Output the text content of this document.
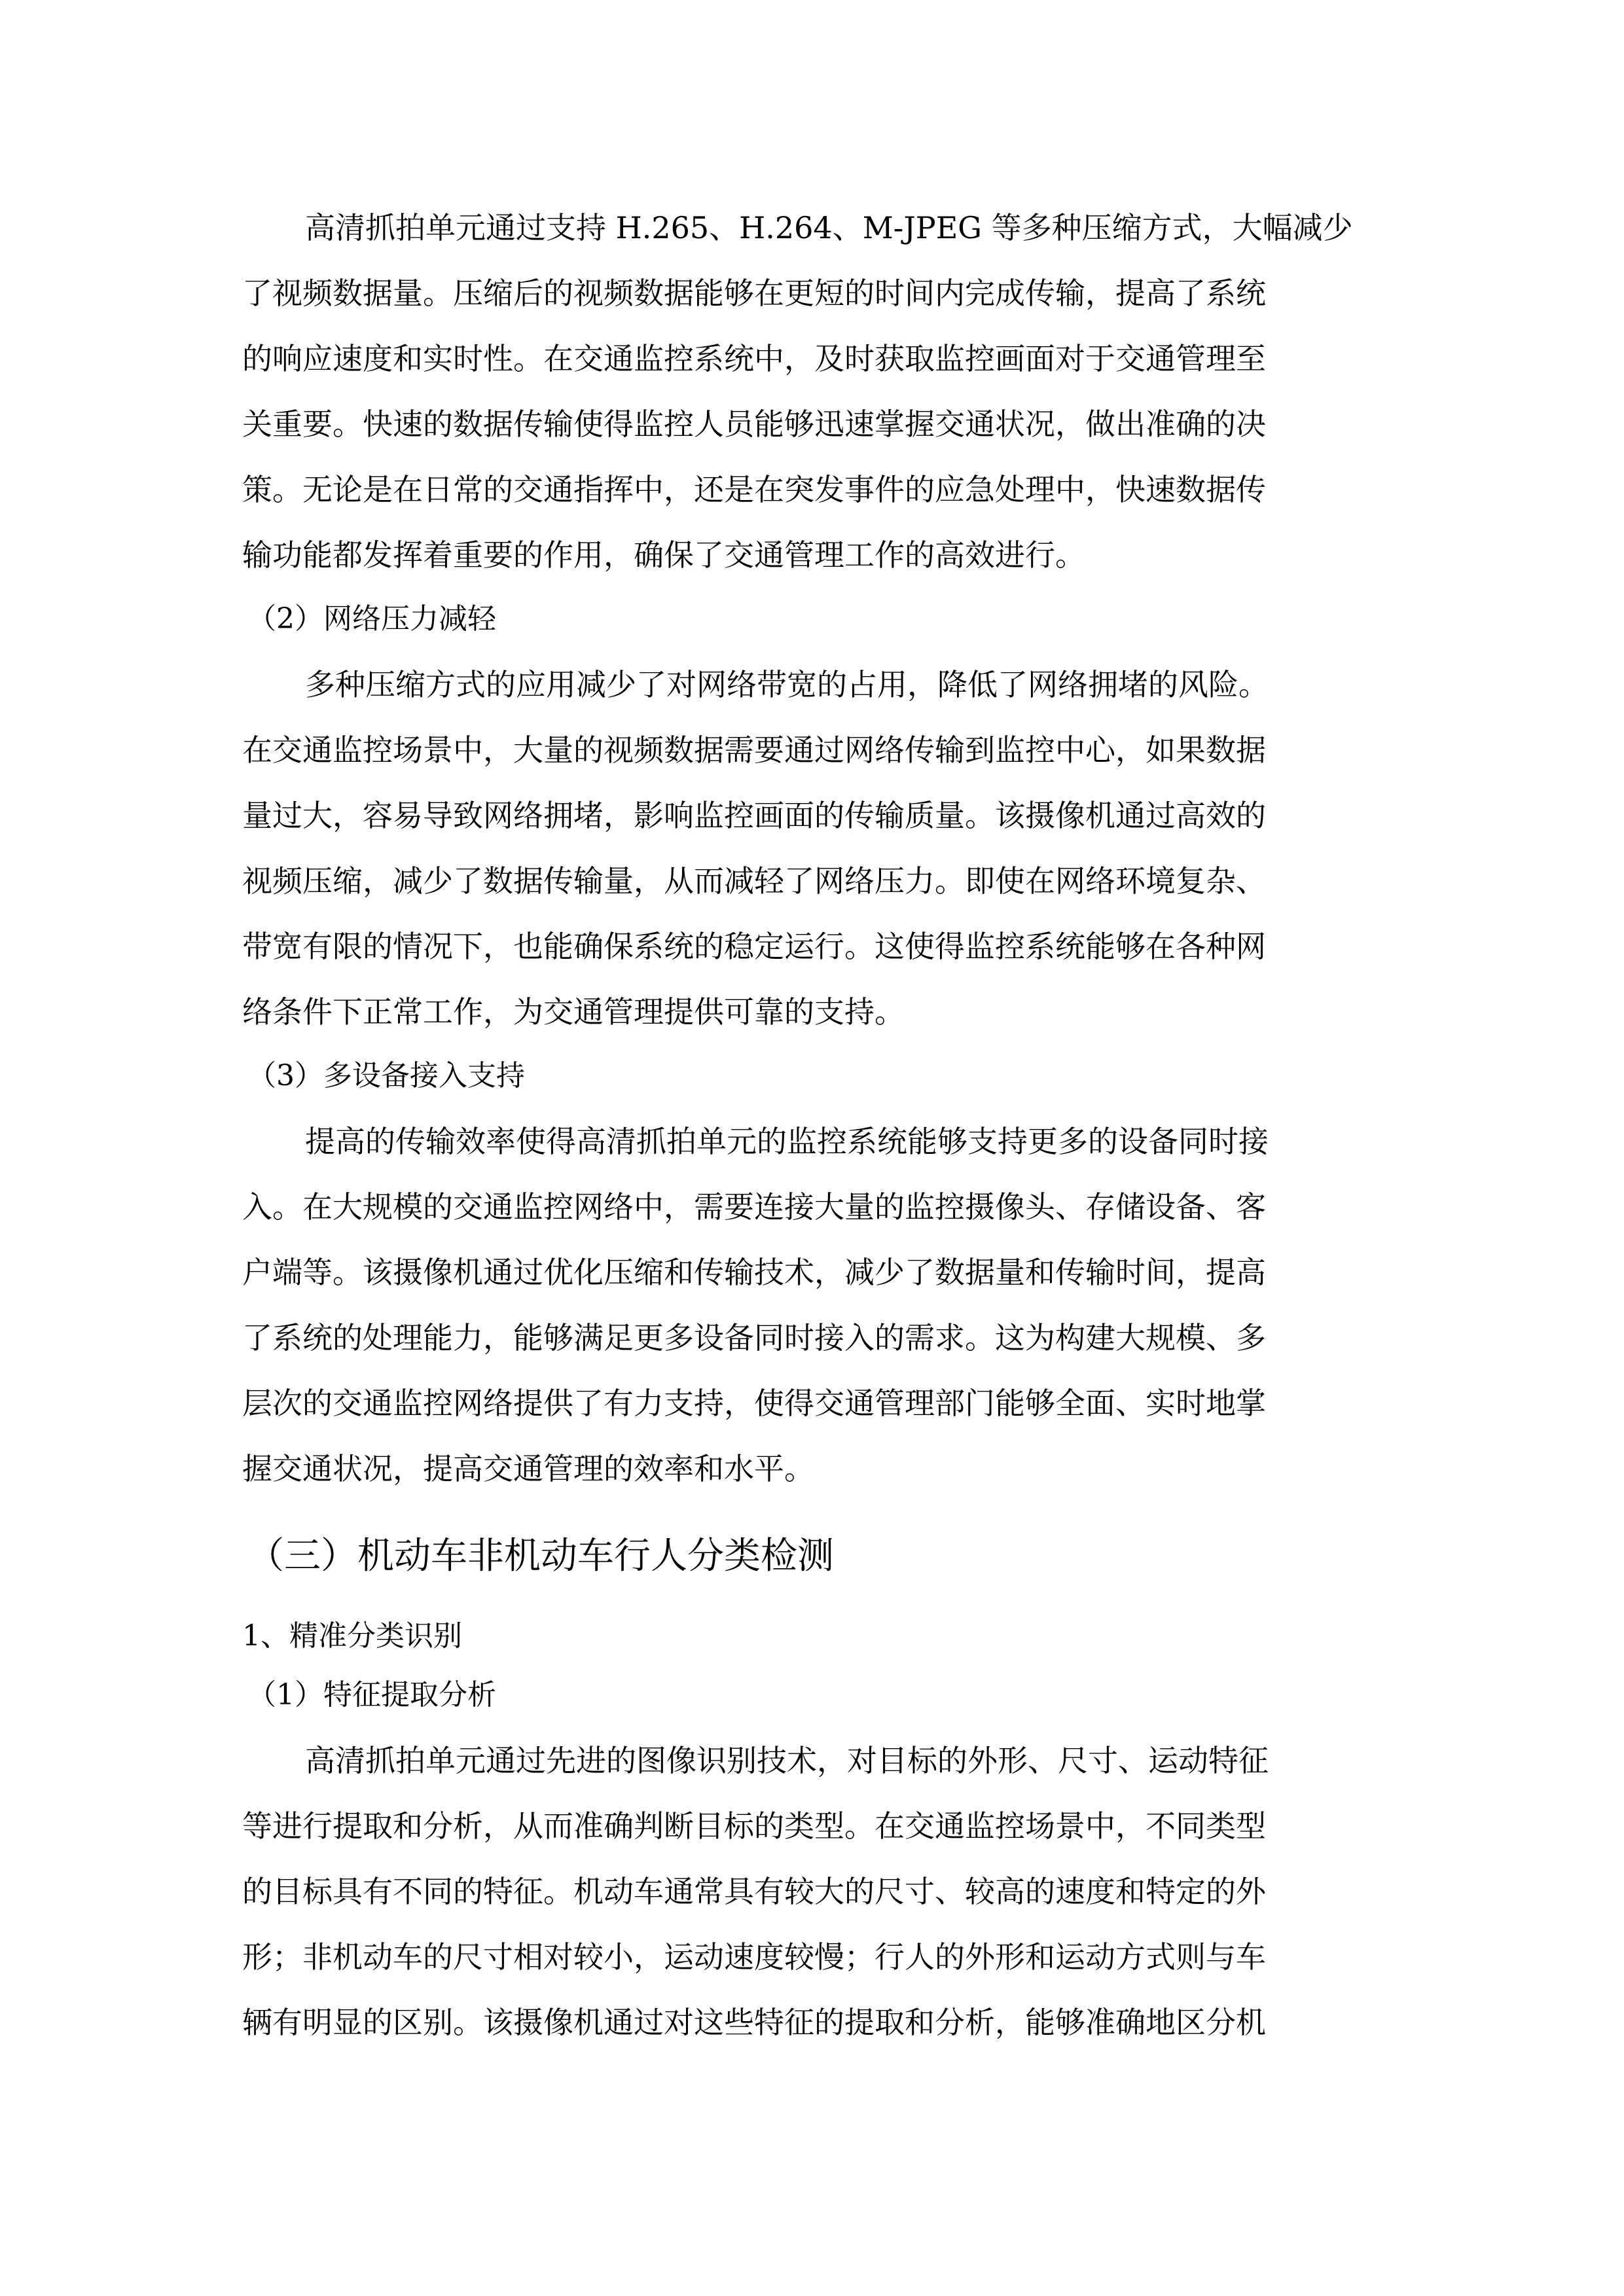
高清抓拍单元通过支持 H.265、H.264、M-JPEG 等多种压缩方式，大幅减少
了视频数据量。压缩后的视频数据能够在更短的时间内完成传输，提高了系统
的响应速度和实时性。在交通监控系统中，及时获取监控画面对于交通管理至
关重要。快速的数据传输使得监控人员能够迅速掌握交通状况，做出准确的决
策。无论是在日常的交通指挥中，还是在突发事件的应急处理中，快速数据传
输功能都发挥着重要的作用，确保了交通管理工作的高效进行。
（2）网络压力减轻
多种压缩方式的应用减少了对网络带宽的占用，降低了网络拥堵的风险。
在交通监控场景中，大量的视频数据需要通过网络传输到监控中心，如果数据
量过大，容易导致网络拥堵，影响监控画面的传输质量。该摄像机通过高效的
视频压缩，减少了数据传输量，从而减轻了网络压力。即使在网络环境复杂、
带宽有限的情况下，也能确保系统的稳定运行。这使得监控系统能够在各种网
络条件下正常工作，为交通管理提供可靠的支持。
（3）多设备接入支持
提高的传输效率使得高清抓拍单元的监控系统能够支持更多的设备同时接
入。在大规模的交通监控网络中，需要连接大量的监控摄像头、存储设备、客
户端等。该摄像机通过优化压缩和传输技术，减少了数据量和传输时间，提高
了系统的处理能力，能够满足更多设备同时接入的需求。这为构建大规模、多
层次的交通监控网络提供了有力支持，使得交通管理部门能够全面、实时地掌
握交通状况，提高交通管理的效率和水平。
（三）机动车非机动车行人分类检测
1、精准分类识别
（1）特征提取分析
高清抓拍单元通过先进的图像识别技术，对目标的外形、尺寸、运动特征
等进行提取和分析，从而准确判断目标的类型。在交通监控场景中，不同类型
的目标具有不同的特征。机动车通常具有较大的尺寸、较高的速度和特定的外
形；非机动车的尺寸相对较小，运动速度较慢；行人的外形和运动方式则与车
辆有明显的区别。该摄像机通过对这些特征的提取和分析，能够准确地区分机
